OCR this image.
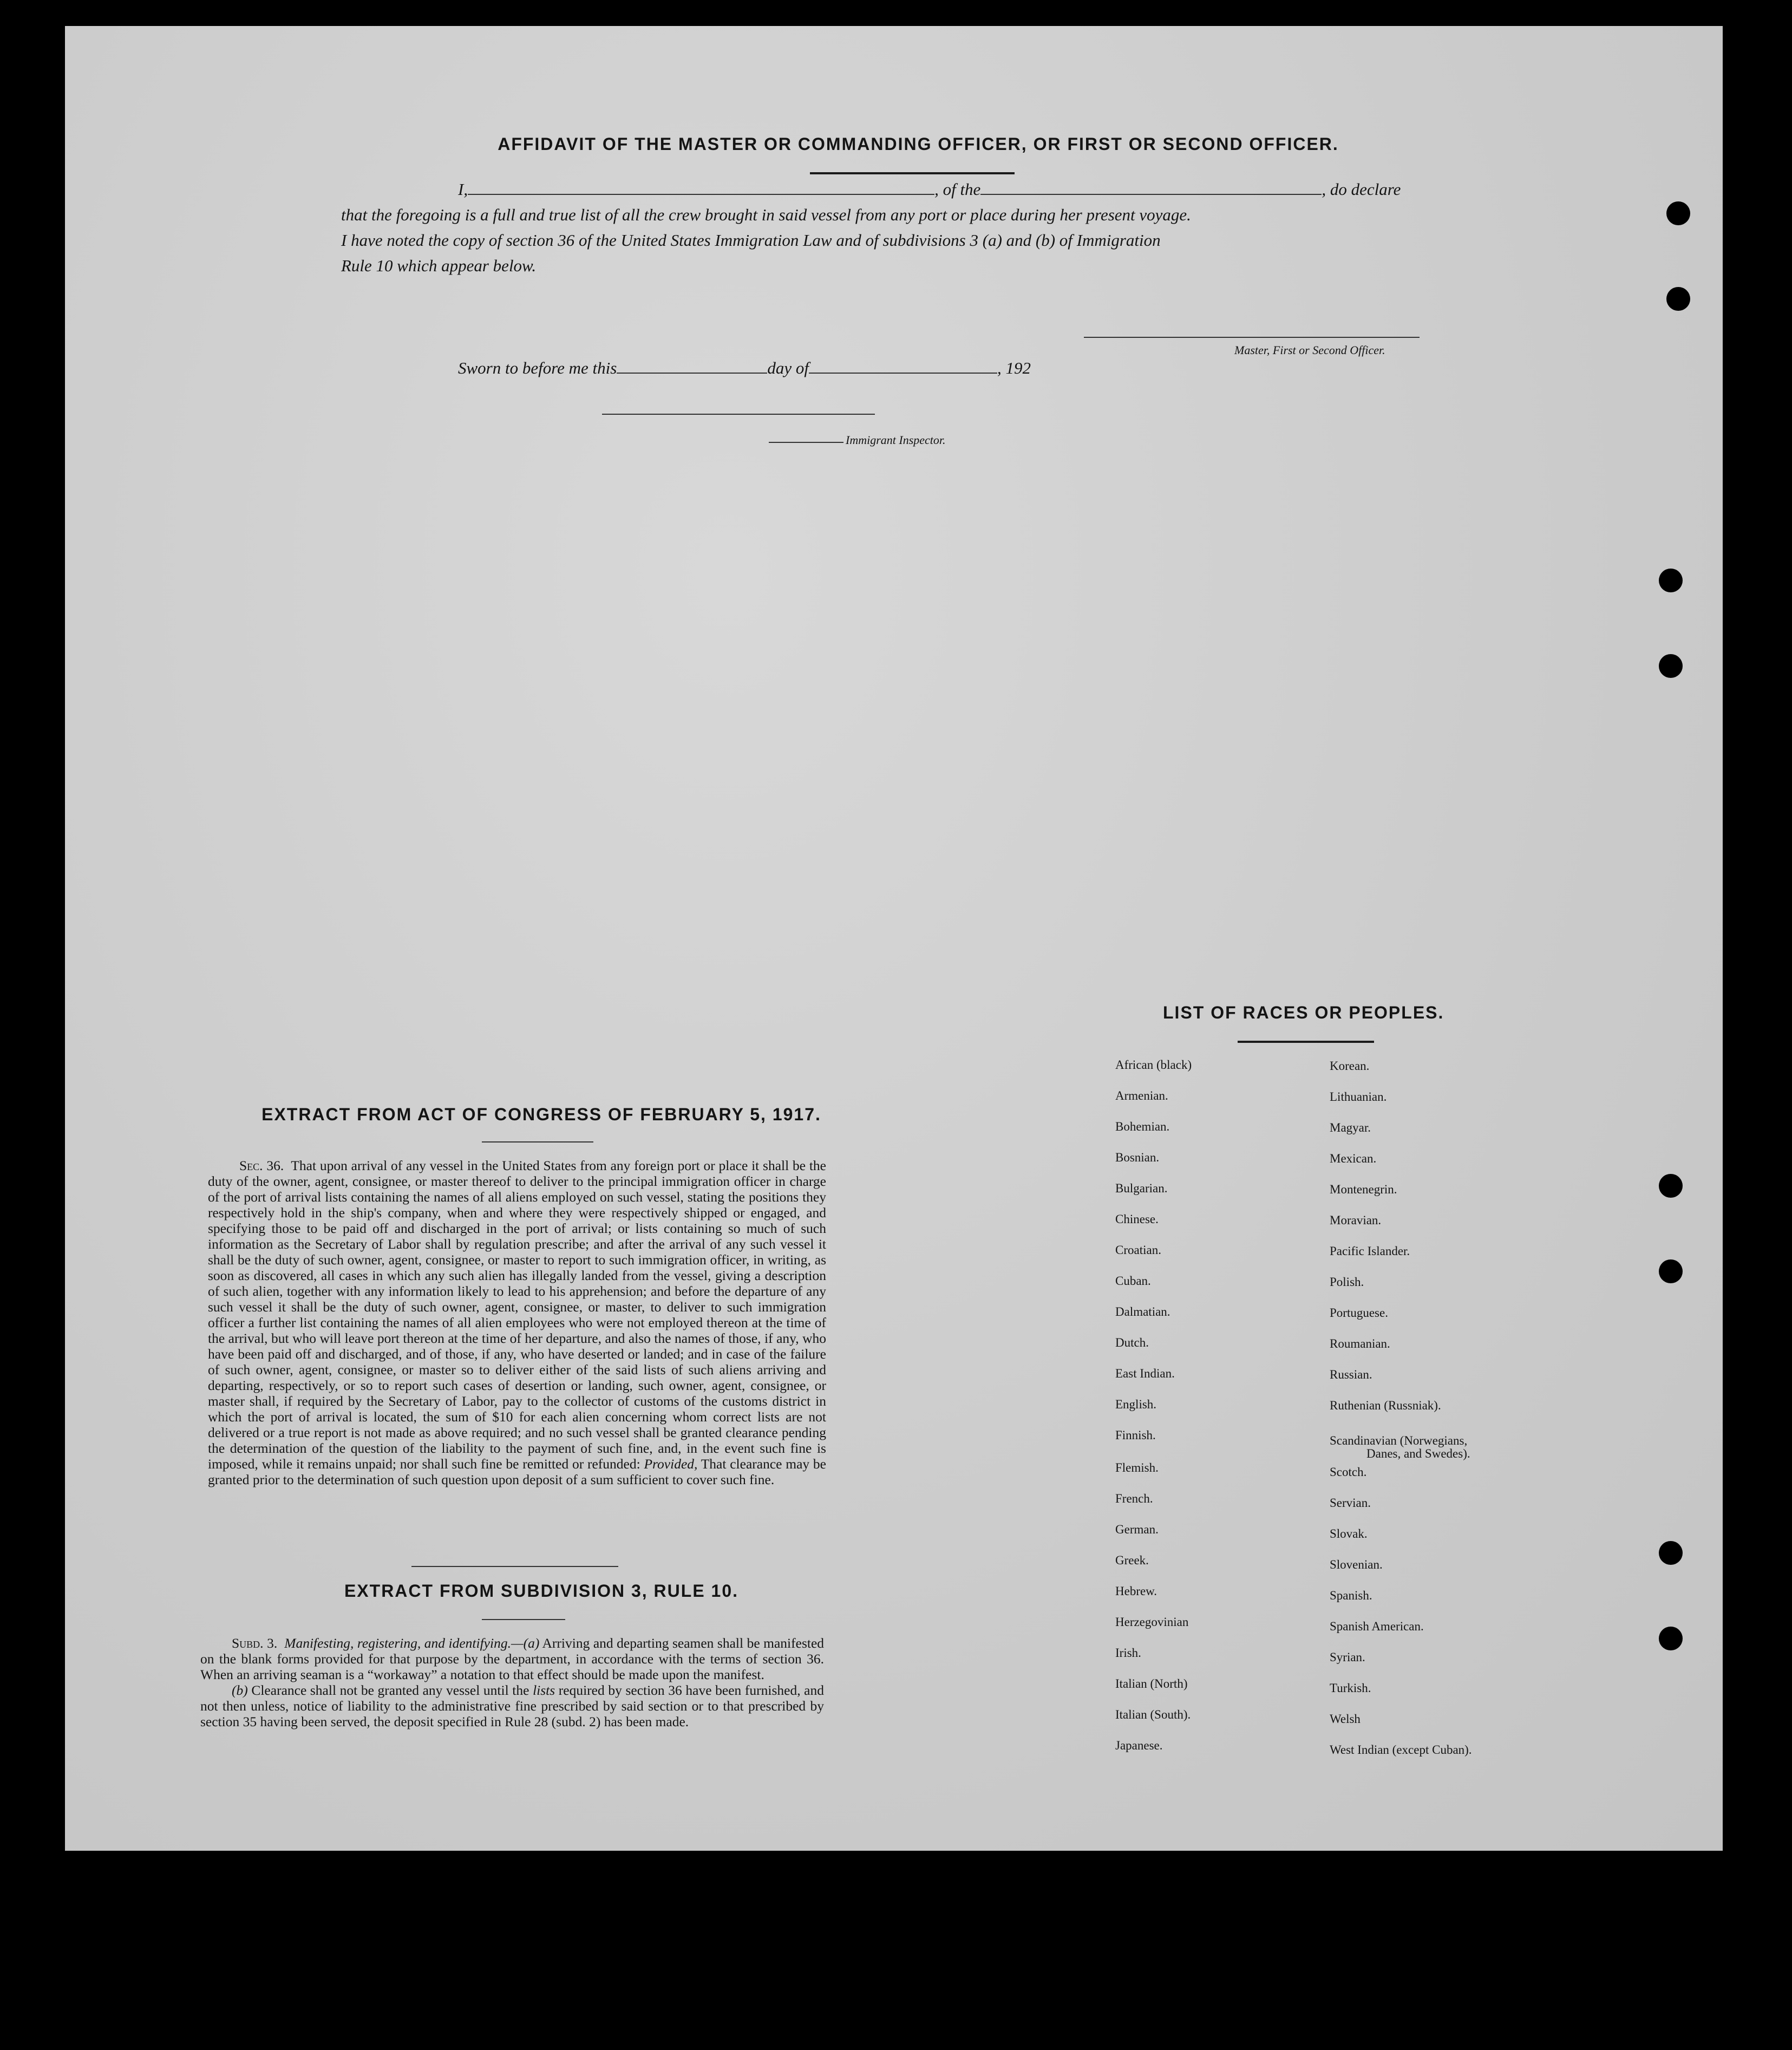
AFFIDAVIT OF THE MASTER OR COMMANDING OFFICER, OR FIRST OR SECOND OFFICER.
I,	, of the	, do declare
that the foregoing is a full and true list of all the crew brought in said vessel from any port or place during her present voyage.
I have noted the copy of section 36 of the United States Immigration Law and of subdivisions 3 (a) and (b) of Immigration
Rule 10 which appear below.
Master, First or Second Officer.
Sworn to before me this	day of	, 192
Immigrant Inspector.
EXTRACT FROM ACT OF CONGRESS OF FEBRUARY 5, 1917.

Sec. 36. That upon arrival of any vessel in the United States from any foreign port or place it shall be the duty of the owner, agent, consignee, or master thereof to deliver to the principal immigration officer in charge of the port of arrival lists containing the names of all aliens employed on such vessel, stating the positions they respectively hold in the ship's company, when and where they were respectively shipped or engaged, and specifying those to be paid off and discharged in the port of arrival; or lists containing so much of such information as the Secretary of Labor shall by regulation prescribe; and after the arrival of any such vessel it shall be the duty of such owner, agent, consignee, or master to report to such immigration officer, in writing, as soon as discovered, all cases in which any such alien has illegally landed from the vessel, giving a description of such alien, together with any information likely to lead to his apprehension; and before the departure of any such vessel it shall be the duty of such owner, agent, consignee, or master, to deliver to such immigration officer a further list containing the names of all alien employees who were not employed thereon at the time of the arrival, but who will leave port thereon at the time of her departure, and also the names of those, if any, who have been paid off and discharged, and of those, if any, who have deserted or landed; and in case of the failure of such owner, agent, consignee, or master so to deliver either of the said lists of such aliens arriving and departing, respectively, or so to report such cases of desertion or landing, such owner, agent, consignee, or master shall, if required by the Secretary of Labor, pay to the collector of customs of the customs district in which the port of arrival is located, the sum of $10 for each alien concerning whom correct lists are not delivered or a true report is not made as above required; and no such vessel shall be granted clearance pending the determination of the question of the liability to the payment of such fine, and, in the event such fine is imposed, while it remains unpaid; nor shall such fine be remitted or refunded: Provided, That clearance may be granted prior to the determination of such question upon deposit of a sum sufficient to cover such fine.

EXTRACT FROM SUBDIVISION 3, RULE 10.

Subd. 3. Manifesting, registering, and identifying.—(a) Arriving and departing seamen shall be manifested on the blank forms provided for that purpose by the department, in accordance with the terms of section 36. When an arriving seaman is a “workaway” a notation to that effect should be made upon the manifest.

(b) Clearance shall not be granted any vessel until the lists required by section 36 have been furnished, and not then unless, notice of liability to the administrative fine prescribed by said section or to that prescribed by section 35 having been served, the deposit specified in Rule 28 (subd. 2) has been made.

LIST OF RACES OR PEOPLES.
African (black)
Armenian.
Bohemian.
Bosnian.
Bulgarian.
Chinese.
Croatian.
Cuban.
Dalmatian.
Dutch.
East Indian.
English.
Finnish.
Flemish.
French.
German.
Greek.
Hebrew.
Herzegovinian
Irish.
Italian (North)
Italian (South).
Japanese.
Korean.
Lithuanian.
Magyar.
Mexican.
Montenegrin.
Moravian.
Pacific Islander.
Polish.
Portuguese.
Roumanian.
Russian.
Ruthenian (Russniak).
Scandinavian (Norwegians,
Danes, and Swedes).
Scotch.
Servian.
Slovak.
Slovenian.
Spanish.
Spanish American.
Syrian.
Turkish.
Welsh
West Indian (except Cuban).
